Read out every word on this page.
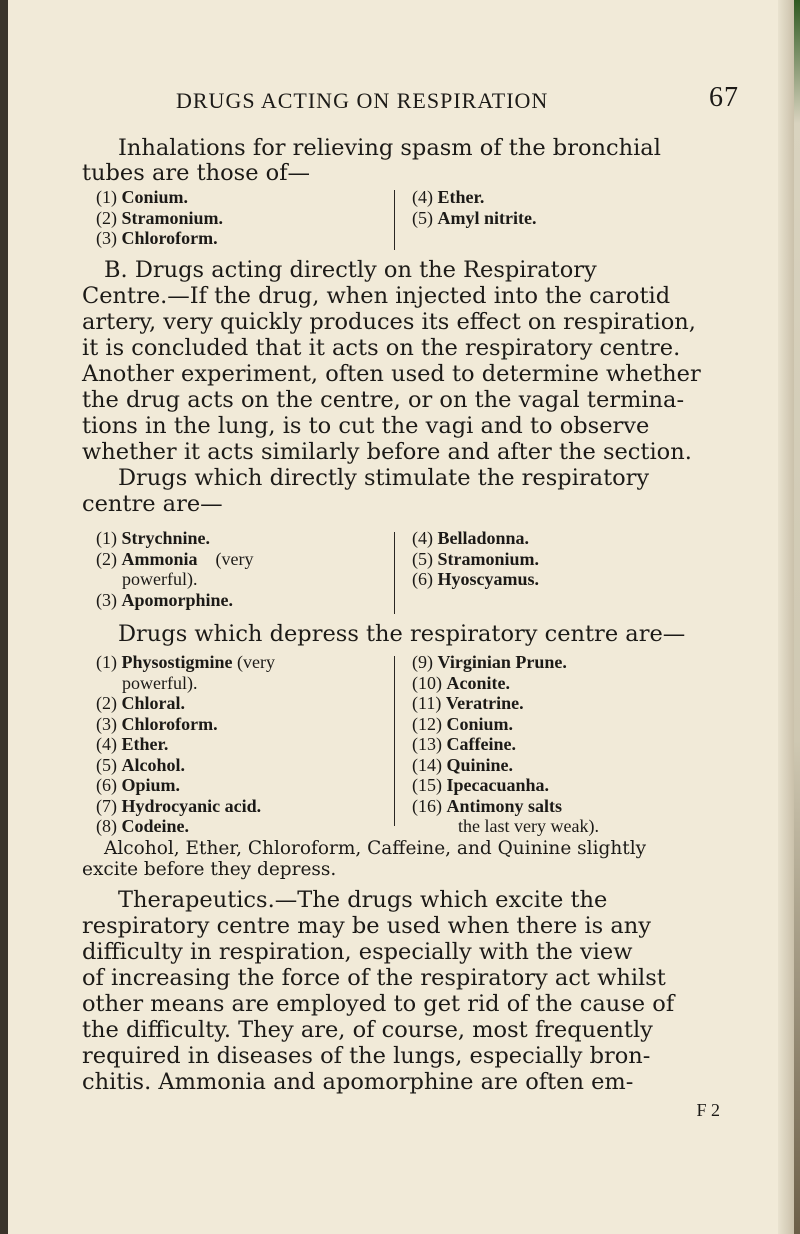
DRUGS ACTING ON RESPIRATION	67
Inhalations for relieving spasm of the bronchial
tubes are those of—
(1) Conium.
(2) Stramonium.
(3) Chloroform.
(4) Ether.
(5) Amyl nitrite.
B. Drugs acting directly on the Respiratory
Centre.—If the drug, when injected into the carotid
artery, very quickly produces its effect on respiration,
it is concluded that it acts on the respiratory centre.
Another experiment, often used to determine whether
the drug acts on the centre, or on the vagal termina-
tions in the lung, is to cut the vagi and to observe
whether it acts similarly before and after the section.
Drugs which directly stimulate the respiratory
centre are—
(1) Strychnine.
(2) Ammonia (very
powerful).
(3) Apomorphine.
(4) Belladonna.
(5) Stramonium.
(6) Hyoscyamus.
Drugs which depress the respiratory centre are—
(1) Physostigmine (very
powerful).
(2) Chloral.
(3) Chloroform.
(4) Ether.
(5) Alcohol.
(6) Opium.
(7) Hydrocyanic acid.
(8) Codeine.
(9) Virginian Prune.
(10) Aconite.
(11) Veratrine.
(12) Conium.
(13) Caffeine.
(14) Quinine.
(15) Ipecacuanha.
(16) Antimony salts
the last very weak).
Alcohol, Ether, Chloroform, Caffeine, and Quinine slightly
excite before they depress.
Therapeutics.—The drugs which excite the
respiratory centre may be used when there is any
difficulty in respiration, especially with the view
of increasing the force of the respiratory act whilst
other means are employed to get rid of the cause of
the difficulty. They are, of course, most frequently
required in diseases of the lungs, especially bron-
chitis. Ammonia and apomorphine are often em-
F 2
